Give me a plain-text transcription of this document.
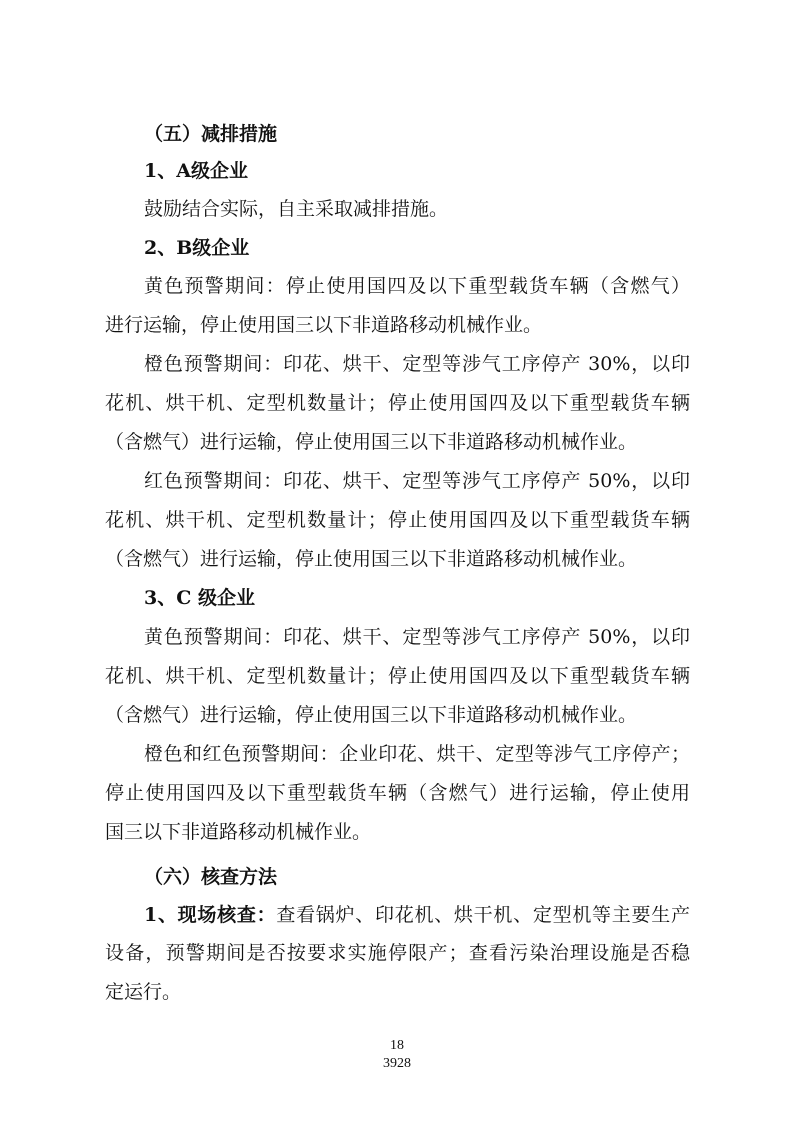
（五）减排措施
1、A级企业
鼓励结合实际，自主采取减排措施。
2、B级企业
黄色预警期间：停止使用国四及以下重型载货车辆（含燃气）
进行运输，停止使用国三以下非道路移动机械作业。
橙色预警期间：印花、烘干、定型等涉气工序停产 30%，以印
花机、烘干机、定型机数量计；停止使用国四及以下重型载货车辆
（含燃气）进行运输，停止使用国三以下非道路移动机械作业。
红色预警期间：印花、烘干、定型等涉气工序停产 50%，以印
花机、烘干机、定型机数量计；停止使用国四及以下重型载货车辆
（含燃气）进行运输，停止使用国三以下非道路移动机械作业。
3、C 级企业
黄色预警期间：印花、烘干、定型等涉气工序停产 50%，以印
花机、烘干机、定型机数量计；停止使用国四及以下重型载货车辆
（含燃气）进行运输，停止使用国三以下非道路移动机械作业。
橙色和红色预警期间：企业印花、烘干、定型等涉气工序停产；
停止使用国四及以下重型载货车辆（含燃气）进行运输，停止使用
国三以下非道路移动机械作业。
（六）核查方法
1、现场核查：查看锅炉、印花机、烘干机、定型机等主要生产
设备，预警期间是否按要求实施停限产；查看污染治理设施是否稳
定运行。
18
3928
